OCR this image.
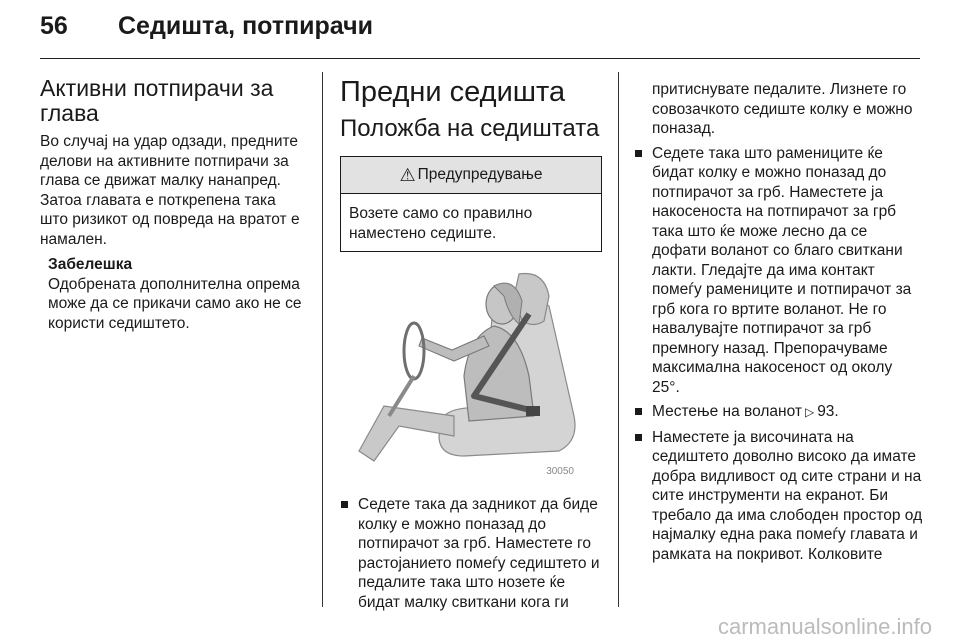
56 Седишта, потпирачи
Активни потпирачи за глава

Во случај на удар одзади, предните делови на активните потпирачи за глава се движат малку нанапред. Затоа главата е поткрепена така што ризикот од повреда на вратот е намален.

Забелешка

Одобрената дополнителна опрема може да се прикачи само ако не се користи седиштето.

Предни седишта
Положба на седиштата
⚠ Предупредување
Возете само со правилно наместено седиште.
30050
Седете така да задникот да биде колку е можно поназад до потпирачот за грб. Наместете го растојанието помеѓу седиштето и педалите така што нозете ќе бидат малку свиткани кога ги
притиснувате педалите. Лизнете го совозачкото седиште колку е можно поназад.
Седете така што рамениците ќе бидат колку е можно поназад до потпирачот за грб. Наместете ја накосеноста на потпирачот за грб така што ќе може лесно да се дофати воланот со благо свиткани лакти. Гледајте да има контакт помеѓу рамениците и потпирачот за грб кога го вртите воланот. Не го навалувајте потпирачот за грб премногу назад. Препорачуваме максимална накосеност од околу 25°.
Местење на воланот ▷ 93.
Наместете ја височината на седиштето доволно високо да имате добра видливост од сите страни и на сите инструменти на екранот. Би требало да има слободен простор од најмалку една рака помеѓу главата и рамката на покривот. Колковите
carmanualsonline.info
